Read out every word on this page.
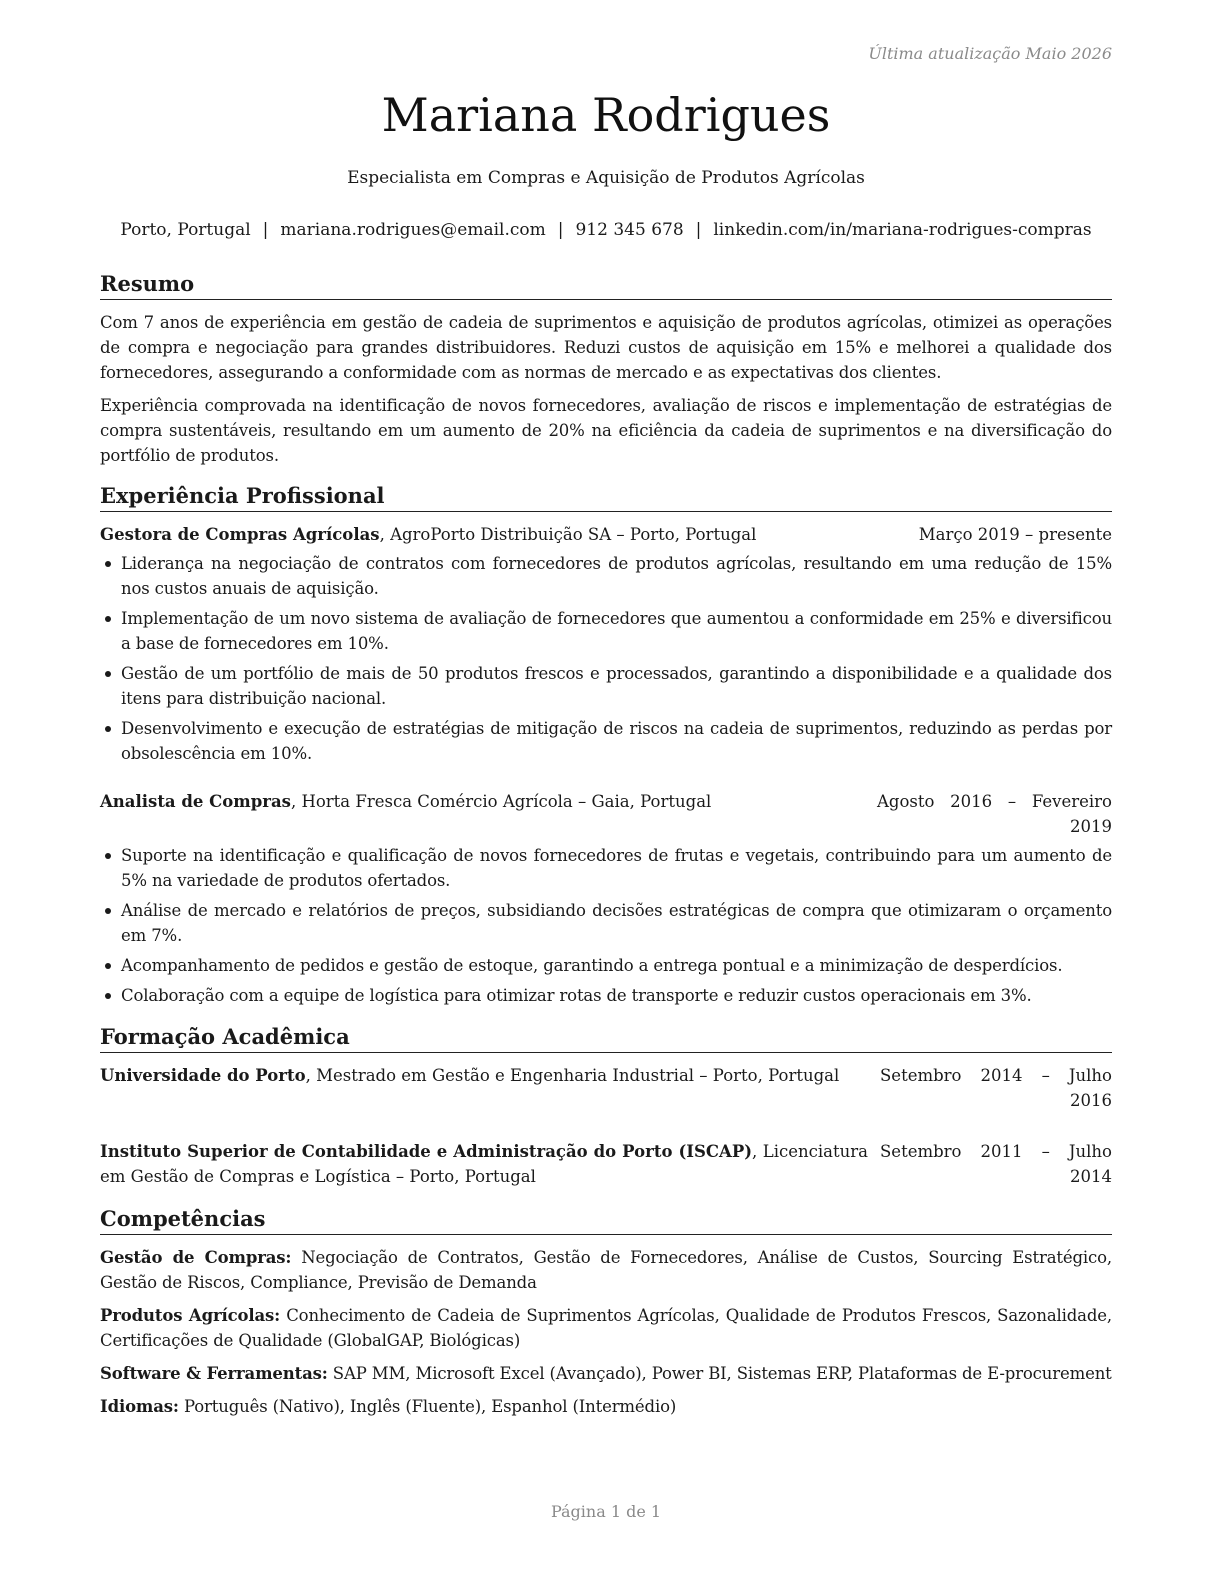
Última atualização Maio 2026
Mariana Rodrigues
Especialista em Compras e Aquisição de Produtos Agrícolas
Porto, Portugal | mariana.rodrigues@email.com | 912 345 678 | linkedin.com/in/mariana-rodrigues-compras
Resumo

Com 7 anos de experiência em gestão de cadeia de suprimentos e aquisição de produtos agrícolas, otimizei as operações de compra e negociação para grandes distribuidores. Reduzi custos de aquisição em 15% e melhorei a qualidade dos fornecedores, assegurando a conformidade com as normas de mercado e as expectativas dos clientes.

Experiência comprovada na identificação de novos fornecedores, avaliação de riscos e implementação de estratégias de compra sustentáveis, resultando em um aumento de 20% na eficiência da cadeia de suprimentos e na diversificação do portfólio de produtos.

Experiência Profissional
Gestora de Compras Agrícolas, AgroPorto Distribuição SA – Porto, Portugal	Março 2019 – presente
Liderança na negociação de contratos com fornecedores de produtos agrícolas, resultando em uma redução de 15% nos custos anuais de aquisição.
Implementação de um novo sistema de avaliação de fornecedores que aumentou a conformidade em 25% e diversificou a base de fornecedores em 10%.
Gestão de um portfólio de mais de 50 produtos frescos e processados, garantindo a disponibilidade e a qualidade dos itens para distribuição nacional.
Desenvolvimento e execução de estratégias de mitigação de riscos na cadeia de suprimentos, reduzindo as perdas por obsolescência em 10%.
Analista de Compras, Horta Fresca Comércio Agrícola – Gaia, Portugal	Agosto 2016 – Fevereiro 2019
Suporte na identificação e qualificação de novos fornecedores de frutas e vegetais, contribuindo para um aumento de 5% na variedade de produtos ofertados.
Análise de mercado e relatórios de preços, subsidiando decisões estratégicas de compra que otimizaram o orçamento em 7%.
Acompanhamento de pedidos e gestão de estoque, garantindo a entrega pontual e a minimização de desperdícios.
Colaboração com a equipe de logística para otimizar rotas de transporte e reduzir custos operacionais em 3%.
Formação Acadêmica
Universidade do Porto, Mestrado em Gestão e Engenharia Industrial – Porto, Portugal	Setembro 2014 – Julho 2016
Instituto Superior de Contabilidade e Administração do Porto (ISCAP), Licenciatura em Gestão de Compras e Logística – Porto, Portugal
Setembro 2011 – Julho 2014
Competências

Gestão de Compras: Negociação de Contratos, Gestão de Fornecedores, Análise de Custos, Sourcing Estratégico, Gestão de Riscos, Compliance, Previsão de Demanda

Produtos Agrícolas: Conhecimento de Cadeia de Suprimentos Agrícolas, Qualidade de Produtos Frescos, Sazonalidade, Certificações de Qualidade (GlobalGAP, Biológicas)

Software & Ferramentas: SAP MM, Microsoft Excel (Avançado), Power BI, Sistemas ERP, Plataformas de E-procurement

Idiomas: Português (Nativo), Inglês (Fluente), Espanhol (Intermédio)

Página 1 de 1
